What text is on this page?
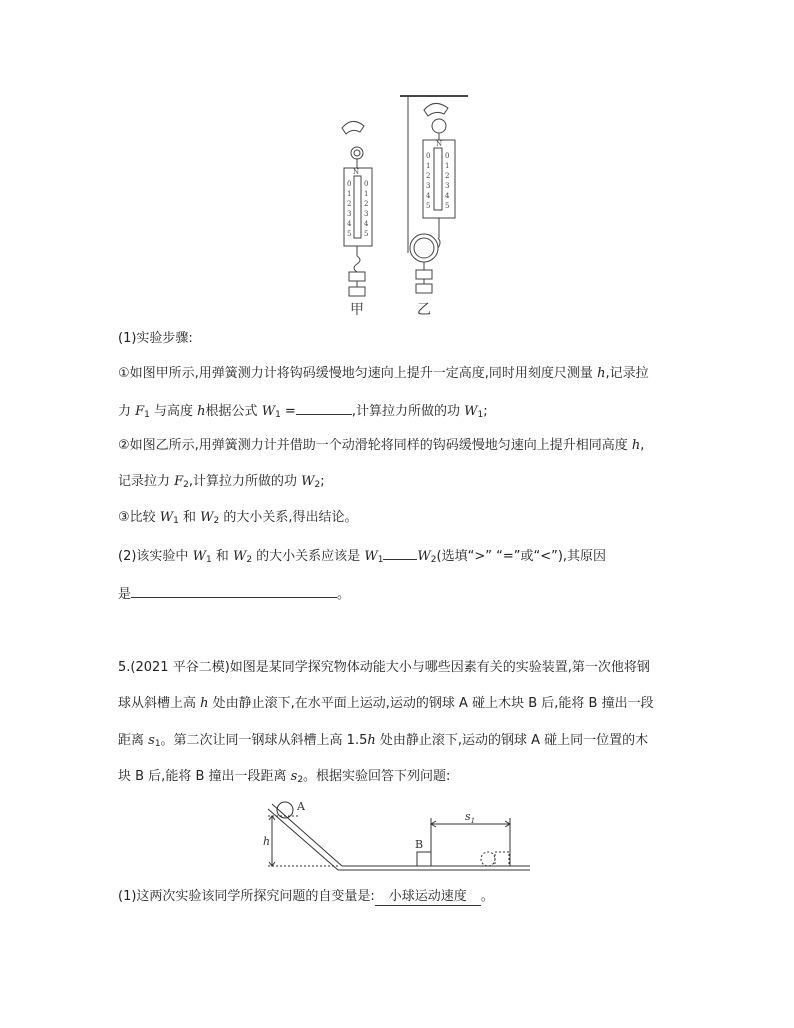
N
0
1
2
3
4
5
0
1
2
3
4
5
N
0
1
2
3
4
5
0
1
2
3
4
5
甲	乙
(1)实验步骤:
①如图甲所示,用弹簧测力计将钩码缓慢地匀速向上提升一定高度,同时用刻度尺测量 h,记录拉
力 $F_1$ 与高度 h根据公式 $W_1$ =	,计算拉力所做的功 $W_1$;
②如图乙所示,用弹簧测力计并借助一个动滑轮将同样的钩码缓慢地匀速向上提升相同高度 h,
记录拉力 $F_2$,计算拉力所做的功 $W_2$;
③比较 $W_1$ 和 $W_2$ 的大小关系,得出结论。
(2)该实验中 $W_1$ 和 $W_2$ 的大小关系应该是 $W_1$	$W_2$(选填“>” “=”或“<”),其原因
是	。
5.(2021 平谷二模)如图是某同学探究物体动能大小与哪些因素有关的实验装置,第一次他将钢
球从斜槽上高 h 处由静止滚下,在水平面上运动,运动的钢球 A 碰上木块 B 后,能将 B 撞出一段
距离 $s_1$。第二次让同一钢球从斜槽上高 1.5h 处由静止滚下,运动的钢球 A 碰上同一位置的木
块 B 后,能将 B 撞出一段距离 $s_2$。根据实验回答下列问题:
A
B
h
$s_1$
(1)这两次实验该同学所探究问题的自变量是: 小球运动速度 。
